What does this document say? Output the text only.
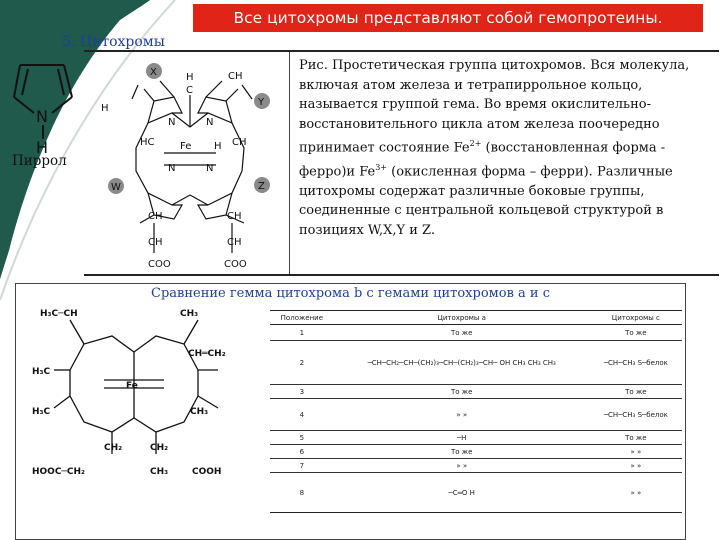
Все цитохромы представляют собой гемопротеины.
5. Цитохромы
N
H
Пиррол
X
Y
W	Z
H
C
CH
H
HC	CH
N	N
N	N
Fe H
CH	CH
CH	CH
COO	COO
Рис. Простетическая группа цитохромов. Вся молекула,
включая атом железа и тетрапиррольное кольцо,
называется группой гема. Во время окислительно-
восстановительного цикла атом железа поочередно
принимает состояние $Fe^{2+}$ (восстановленная форма -
ферро)и $Fe^{3+}$ (окисленная форма – ферри). Различные
цитохромы содержат различные боковые группы,
соединенные с центральной кольцевой структурой в
позициях W,X,Y и Z.
Сравнение гемма цитохрома b с гемами цитохромов a и c
H₃C─CH	CH₃
H₃C
CH═CH₂
Fe
H₃C	CH₃
CH₂	CH₂
HOOC─CH₂	CH₃	COOH
Положение	Цитохромы a	Цитохромы c
1	То же	То же
2	─CH─CH₂─CH─(CH₂)₃─CH─(CH₂)₃─CH─ OH CH₃ CH₃ CH₃	─CH─CH₃ S─белок
3	То же	То же
4	» »	─CH─CH₃ S─белок
5	─H	То же
6	То же	» »
7	» »	» »
8	─C═O H	» »
